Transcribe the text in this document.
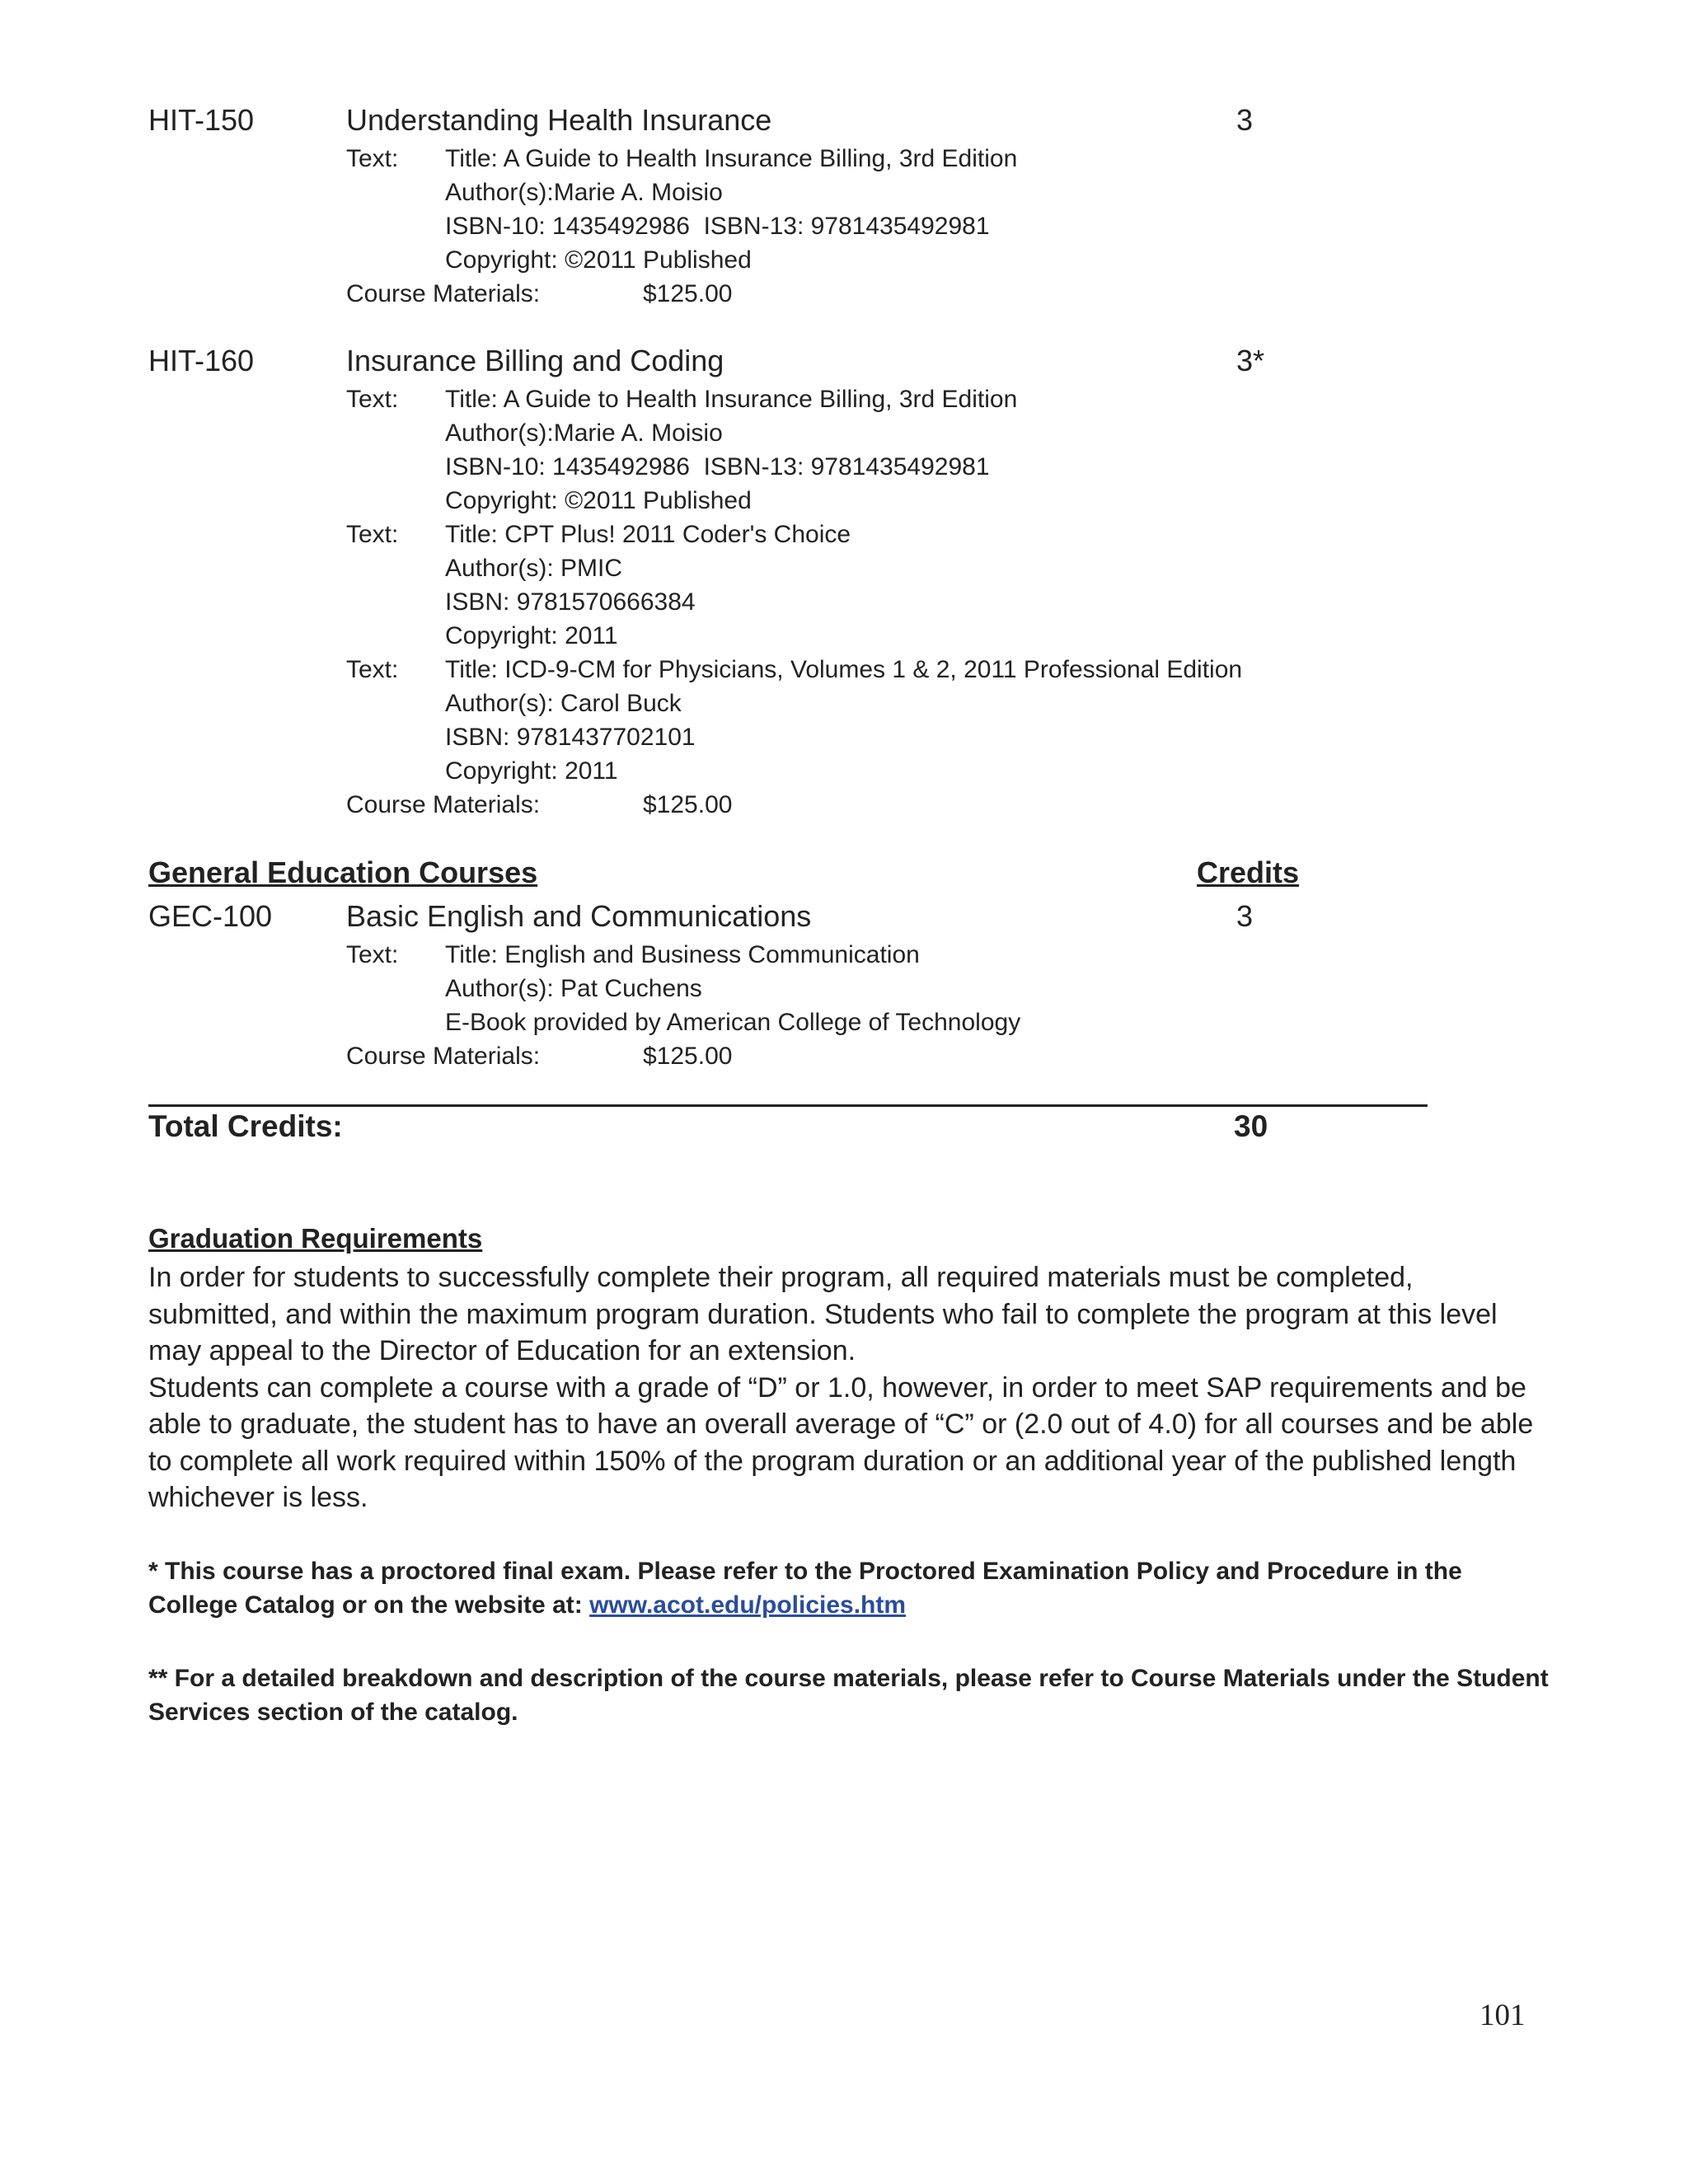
HIT-150	Understanding Health Insurance	3
Text: Title: A Guide to Health Insurance Billing, 3rd Edition
Author(s):Marie A. Moisio
ISBN-10: 1435492986  ISBN-13: 9781435492981
Copyright: ©2011 Published
Course Materials:	$125.00
HIT-160	Insurance Billing and Coding	3*
Text: Title: A Guide to Health Insurance Billing, 3rd Edition
Author(s):Marie A. Moisio
ISBN-10: 1435492986  ISBN-13: 9781435492981
Copyright: ©2011 Published
Text: Title: CPT Plus! 2011 Coder's Choice
Author(s): PMIC
ISBN: 9781570666384
Copyright: 2011
Text: Title: ICD-9-CM for Physicians, Volumes 1 & 2, 2011 Professional Edition
Author(s): Carol Buck
ISBN: 9781437702101
Copyright: 2011
Course Materials:	$125.00
General Education Courses	Credits
GEC-100 Basic English and Communications	3
Text: Title: English and Business Communication
Author(s): Pat Cuchens
E-Book provided by American College of Technology
Course Materials:	$125.00
Total Credits:	30
Graduation Requirements
In order for students to successfully complete their program, all required materials must be completed, submitted, and within the maximum program duration. Students who fail to complete the program at this level may appeal to the Director of Education for an extension.
Students can complete a course with a grade of “D” or 1.0, however, in order to meet SAP requirements and be able to graduate, the student has to have an overall average of “C” or (2.0 out of 4.0) for all courses and be able to complete all work required within 150% of the program duration or an additional year of the published length whichever is less.
* This course has a proctored final exam. Please refer to the Proctored Examination Policy and Procedure in the College Catalog or on the website at: www.acot.edu/policies.htm
** For a detailed breakdown and description of the course materials, please refer to Course Materials under the Student Services section of the catalog.
101
